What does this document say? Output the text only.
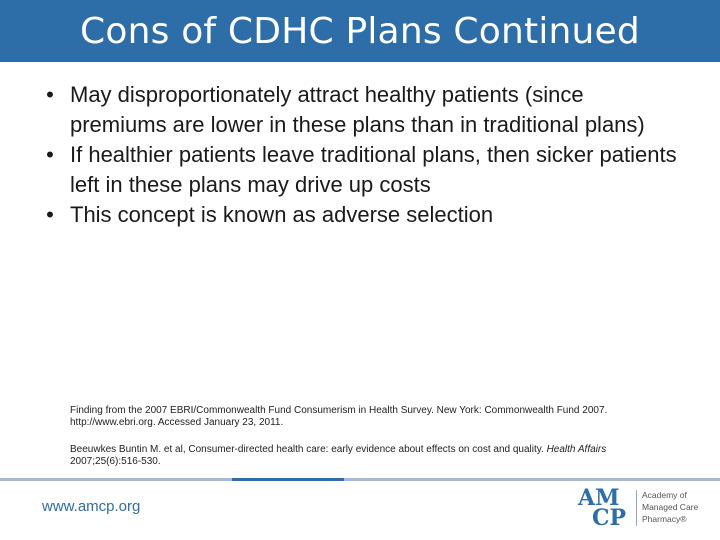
Cons of CDHC Plans Continued
• May disproportionately attract healthy patients (since premiums are lower in these plans than in traditional plans)
• If healthier patients leave traditional plans, then sicker patients left in these plans may drive up costs
• This concept is known as adverse selection

Finding from the 2007 EBRI/Commonwealth Fund Consumerism in Health Survey. New York: Commonwealth Fund 2007. http://www.ebri.org. Accessed January 23, 2011.

Beeuwkes Buntin M. et al, Consumer-directed health care: early evidence about effects on cost and quality. Health Affairs 2007;25(6):516-530.

www.amcp.org	AM
CP
Academy of
Managed Care
Pharmacy®
